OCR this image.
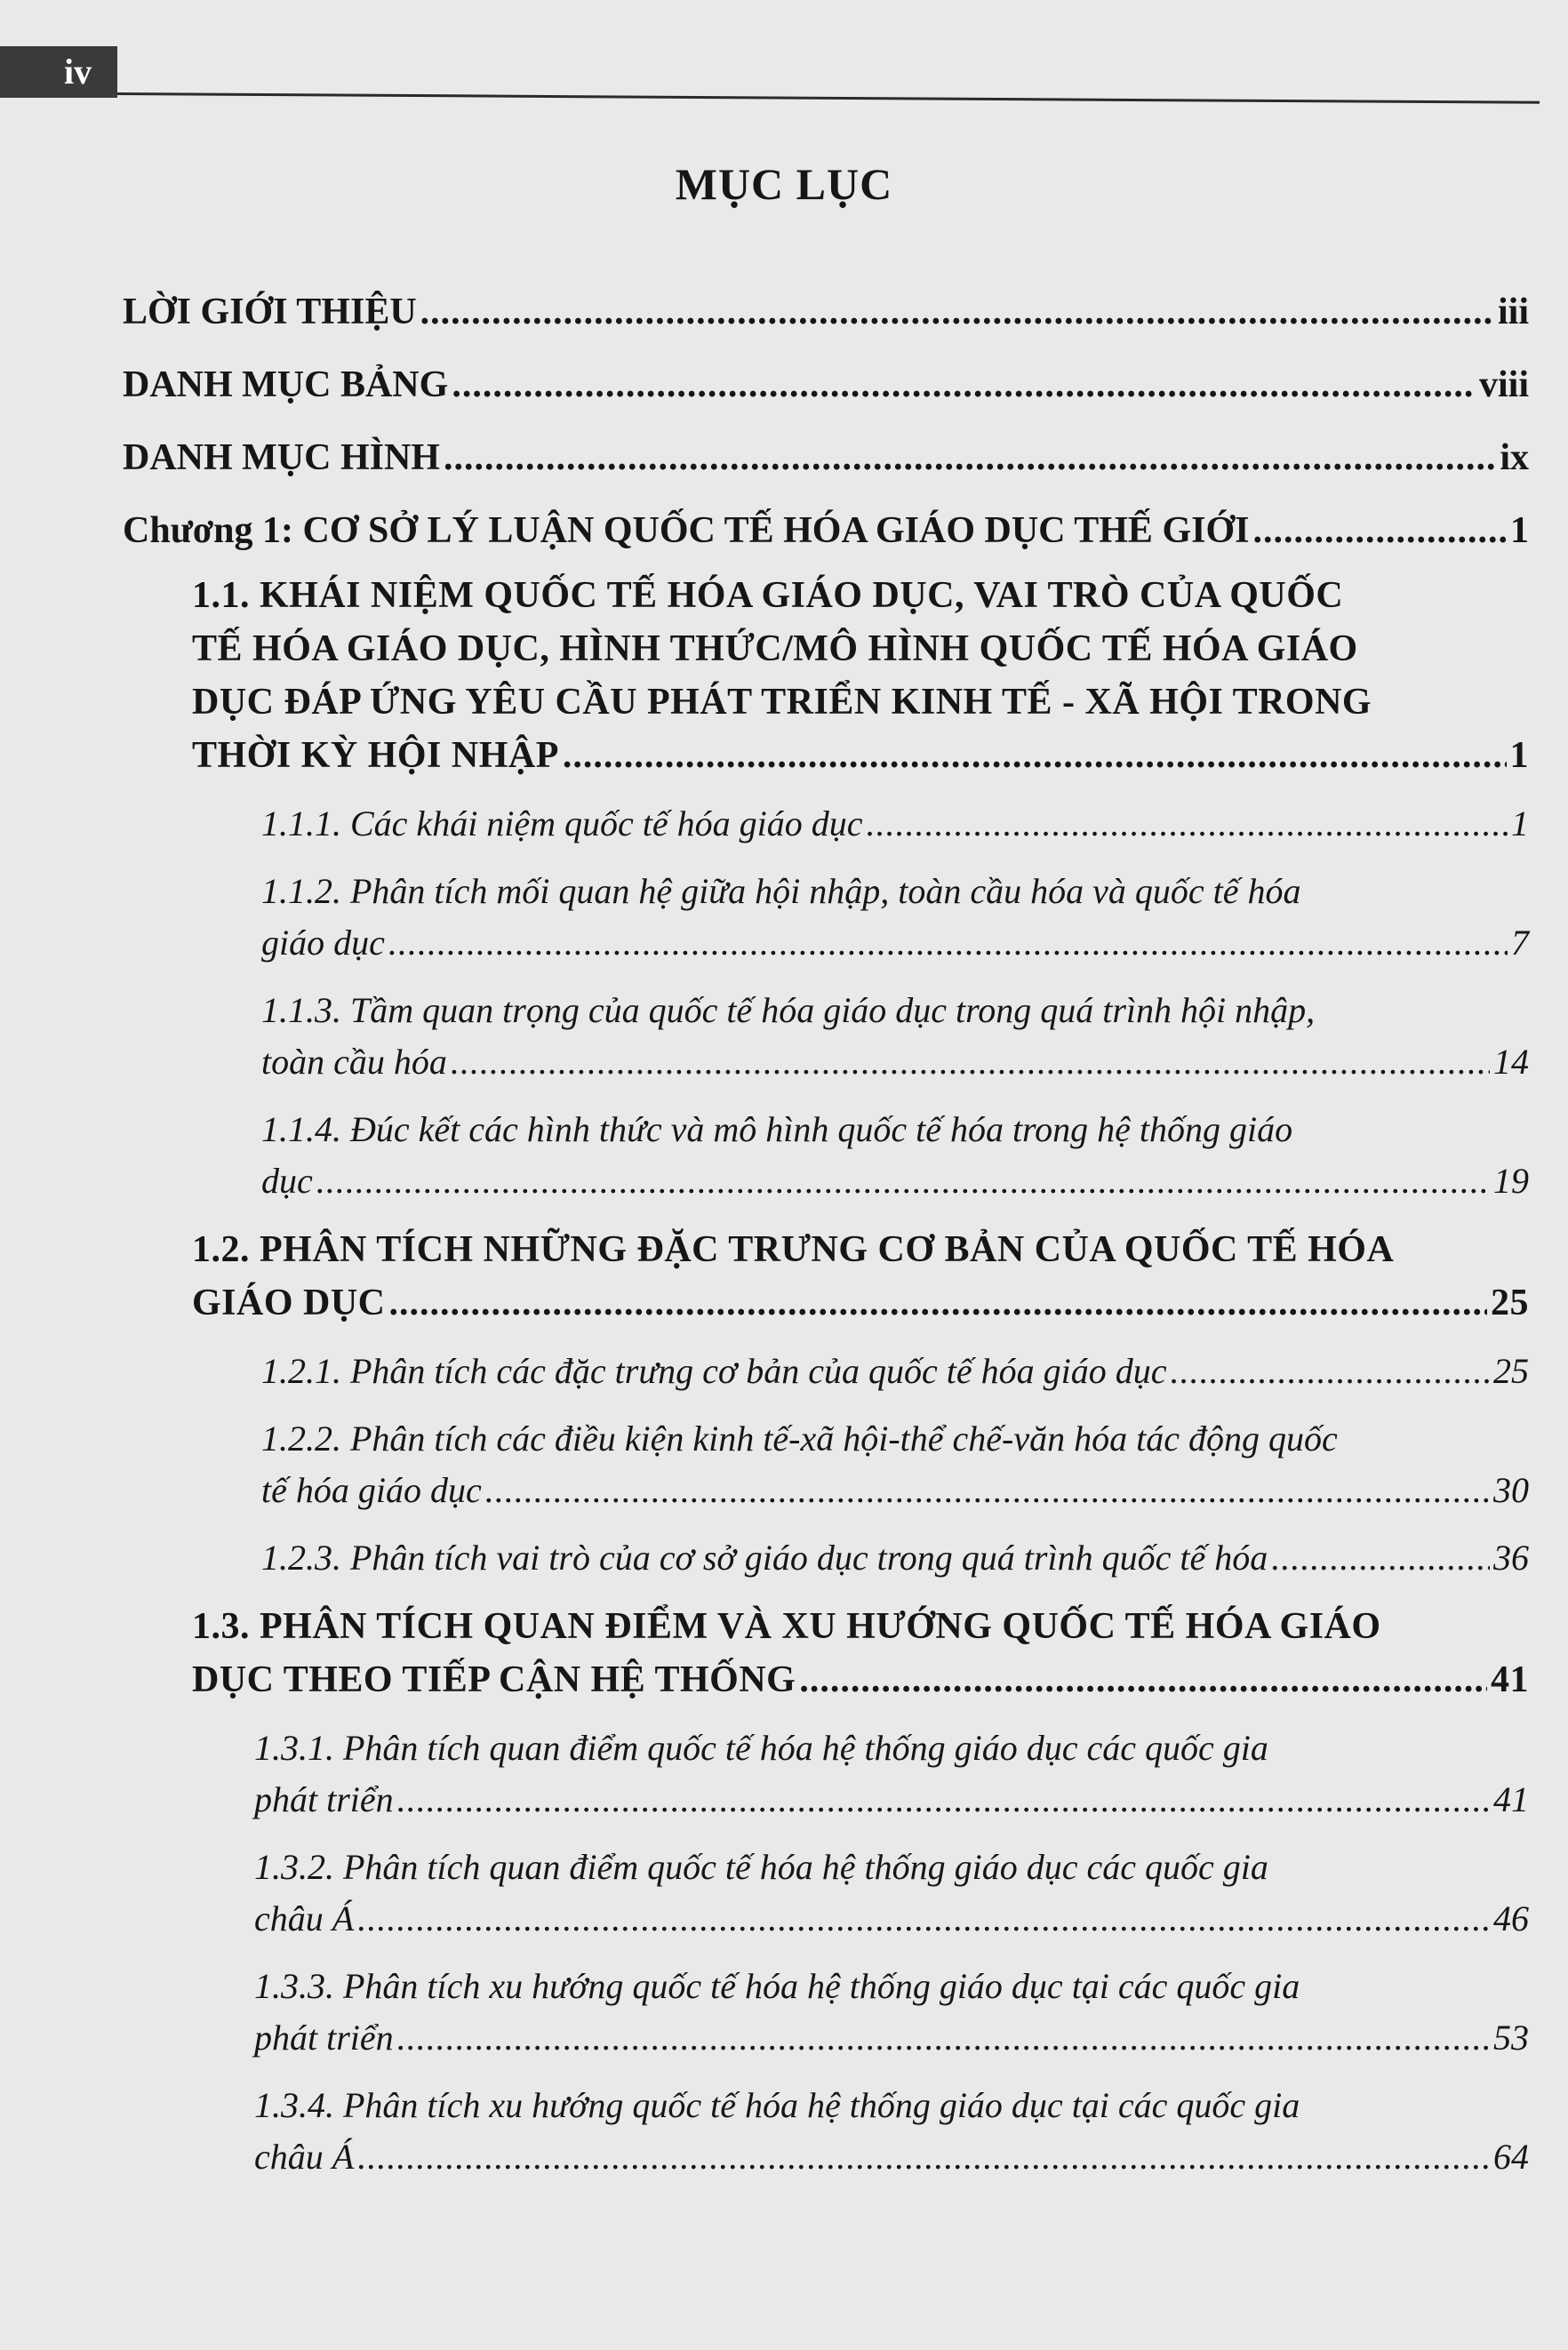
iv
MỤC LỤC
LỜI GIỚI THIỆU .....	iii
DANH MỤC BẢNG .....	viii
DANH MỤC HÌNH .....	ix
Chương 1: CƠ SỞ LÝ LUẬN QUỐC TẾ HÓA GIÁO DỤC THẾ GIỚI .....	1
1.1. KHÁI NIỆM QUỐC TẾ HÓA GIÁO DỤC, VAI TRÒ CỦA QUỐC
TẾ HÓA GIÁO DỤC, HÌNH THỨC/MÔ HÌNH QUỐC TẾ HÓA GIÁO
DỤC ĐÁP ỨNG YÊU CẦU PHÁT TRIỂN KINH TẾ - XÃ HỘI TRONG
THỜI KỲ HỘI NHẬP .....	1
1.1.1. Các khái niệm quốc tế hóa giáo dục .....	1
1.1.2. Phân tích mối quan hệ giữa hội nhập, toàn cầu hóa và quốc tế hóa
giáo dục .....	7
1.1.3. Tầm quan trọng của quốc tế hóa giáo dục trong quá trình hội nhập,
toàn cầu hóa .....	14
1.1.4. Đúc kết các hình thức và mô hình quốc tế hóa trong hệ thống giáo
dục .....	19
1.2. PHÂN TÍCH NHỮNG ĐẶC TRƯNG CƠ BẢN CỦA QUỐC TẾ HÓA
GIÁO DỤC .....	25
1.2.1. Phân tích các đặc trưng cơ bản của quốc tế hóa giáo dục .....	25
1.2.2. Phân tích các điều kiện kinh tế-xã hội-thể chế-văn hóa tác động quốc
tế hóa giáo dục .....	30
1.2.3. Phân tích vai trò của cơ sở giáo dục trong quá trình quốc tế hóa .....	36
1.3. PHÂN TÍCH QUAN ĐIỂM VÀ XU HƯỚNG QUỐC TẾ HÓA GIÁO
DỤC THEO TIẾP CẬN HỆ THỐNG .....	41
1.3.1. Phân tích quan điểm quốc tế hóa hệ thống giáo dục các quốc gia
phát triển .....	41
1.3.2. Phân tích quan điểm quốc tế hóa hệ thống giáo dục các quốc gia
châu Á .....	46
1.3.3. Phân tích xu hướng quốc tế hóa hệ thống giáo dục tại các quốc gia
phát triển .....	53
1.3.4. Phân tích xu hướng quốc tế hóa hệ thống giáo dục tại các quốc gia
châu Á .....	64
